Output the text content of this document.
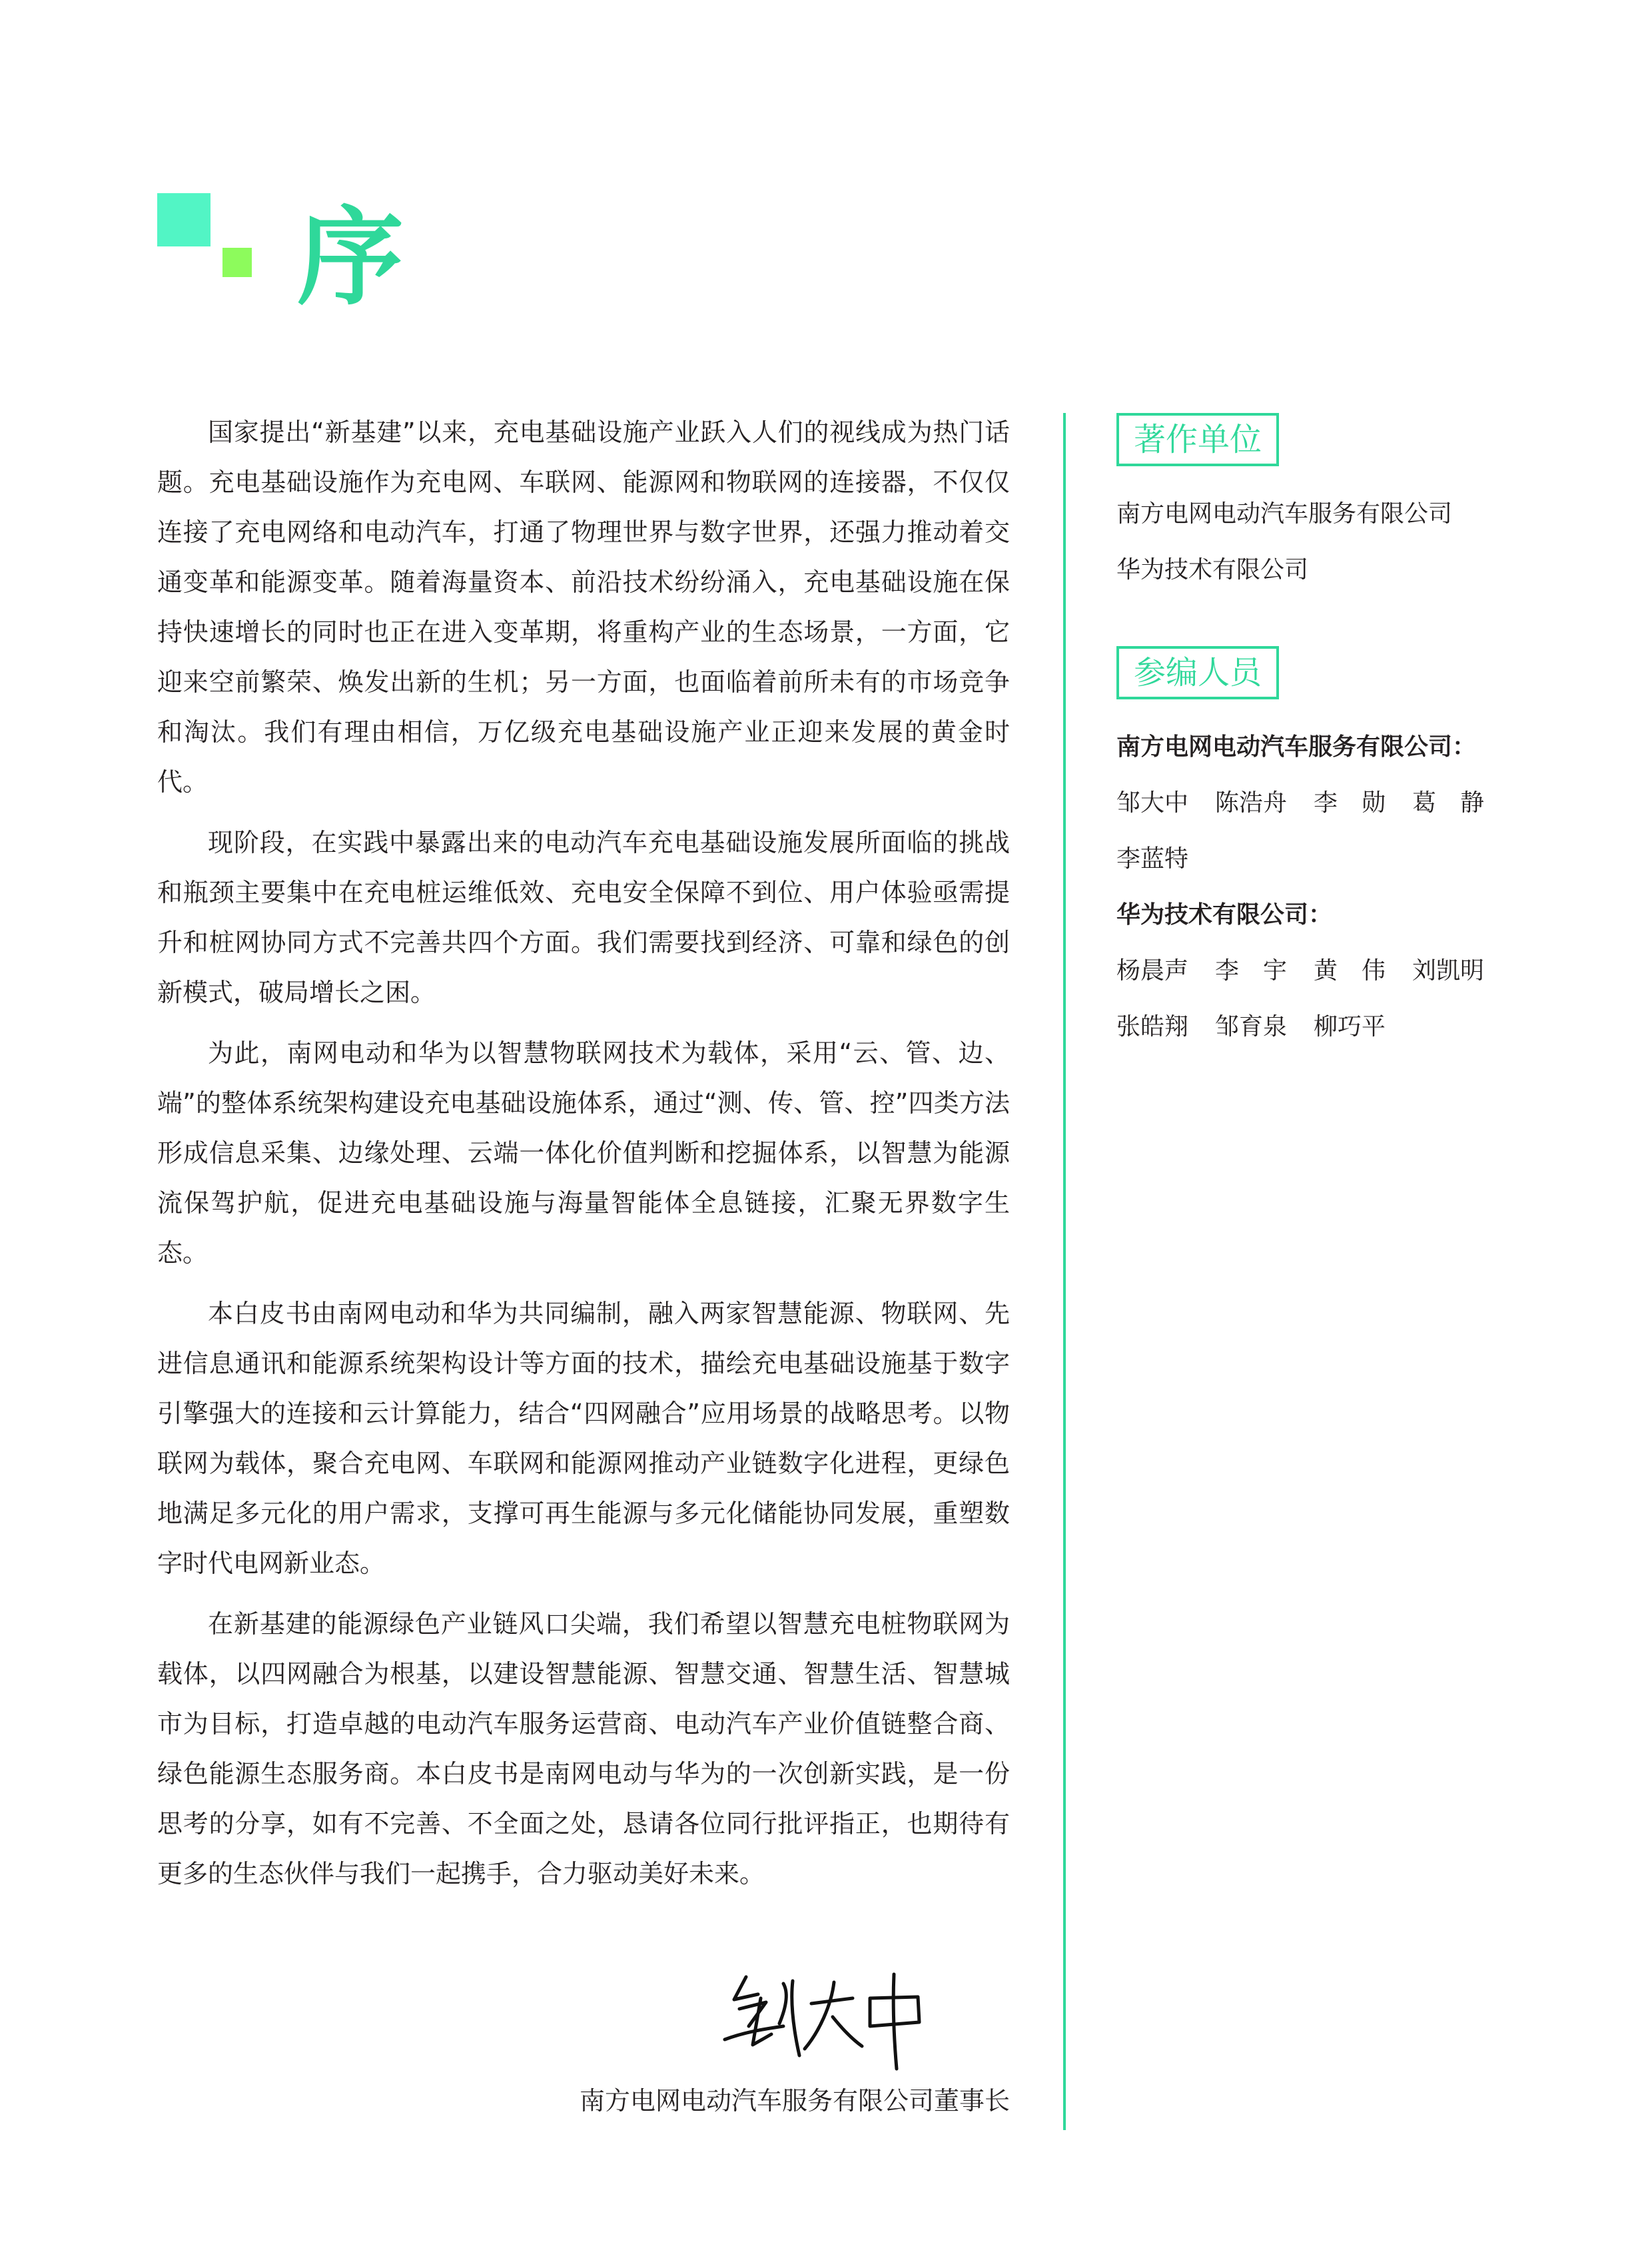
序

国家提出“新基建”以来，充电基础设施产业跃入人们的视线成为热门话题。充电基础设施作为充电网、车联网、能源网和物联网的连接器，不仅仅连接了充电网络和电动汽车，打通了物理世界与数字世界，还强力推动着交通变革和能源变革。随着海量资本、前沿技术纷纷涌入，充电基础设施在保持快速增长的同时也正在进入变革期，将重构产业的生态场景，一方面，它迎来空前繁荣、焕发出新的生机；另一方面，也面临着前所未有的市场竞争和淘汰。我们有理由相信，万亿级充电基础设施产业正迎来发展的黄金时代。

现阶段，在实践中暴露出来的电动汽车充电基础设施发展所面临的挑战和瓶颈主要集中在充电桩运维低效、充电安全保障不到位、用户体验亟需提升和桩网协同方式不完善共四个方面。我们需要找到经济、可靠和绿色的创新模式，破局增长之困。

为此，南网电动和华为以智慧物联网技术为载体，采用“云、管、边、端”的整体系统架构建设充电基础设施体系，通过“测、传、管、控”四类方法形成信息采集、边缘处理、云端一体化价值判断和挖掘体系，以智慧为能源流保驾护航，促进充电基础设施与海量智能体全息链接，汇聚无界数字生态。

本白皮书由南网电动和华为共同编制，融入两家智慧能源、物联网、先进信息通讯和能源系统架构设计等方面的技术，描绘充电基础设施基于数字引擎强大的连接和云计算能力，结合“四网融合”应用场景的战略思考。以物联网为载体，聚合充电网、车联网和能源网推动产业链数字化进程，更绿色地满足多元化的用户需求，支撑可再生能源与多元化储能协同发展，重塑数字时代电网新业态。

在新基建的能源绿色产业链风口尖端，我们希望以智慧充电桩物联网为载体，以四网融合为根基，以建设智慧能源、智慧交通、智慧生活、智慧城市为目标，打造卓越的电动汽车服务运营商、电动汽车产业价值链整合商、绿色能源生态服务商。本白皮书是南网电动与华为的一次创新实践，是一份思考的分享，如有不完善、不全面之处，恳请各位同行批评指正，也期待有更多的生态伙伴与我们一起携手，合力驱动美好未来。

南方电网电动汽车服务有限公司董事长
著作单位

南方电网电动汽车服务有限公司

华为技术有限公司

参编人员

南方电网电动汽车服务有限公司：

邹大中 陈浩舟 李　勋 葛　静
李蓝特

华为技术有限公司：

杨晨声 李　宇 黄　伟 刘凯明
张皓翔 邹育泉 柳巧平
